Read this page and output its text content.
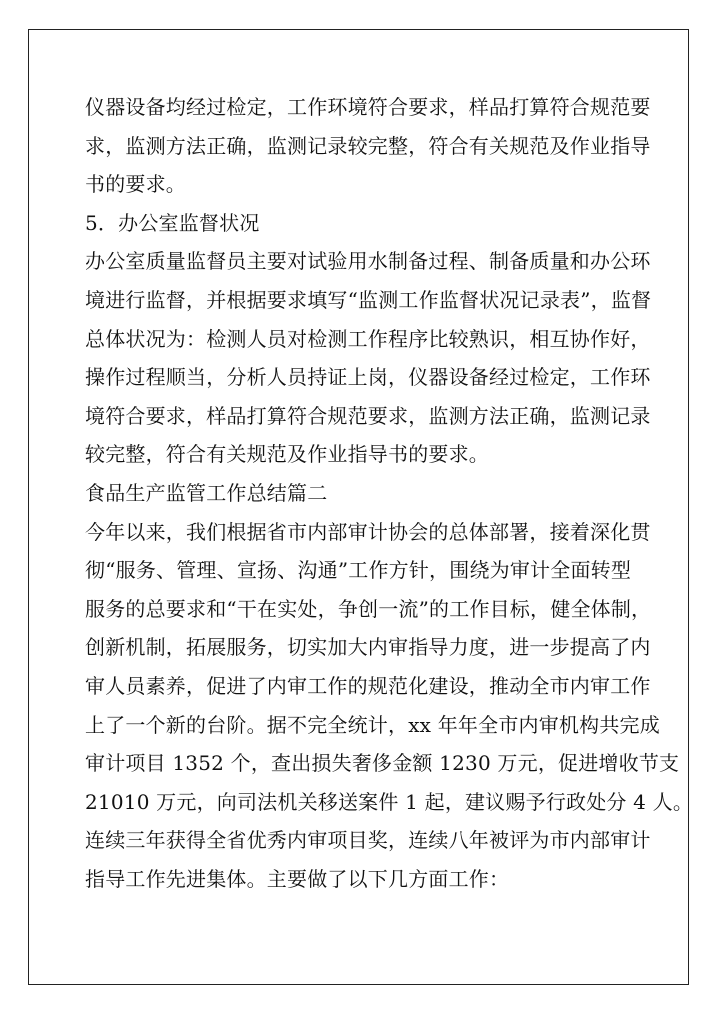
仪器设备均经过检定，工作环境符合要求，样品打算符合规范要
求，监测方法正确，监测记录较完整，符合有关规范及作业指导
书的要求。
5．办公室监督状况
办公室质量监督员主要对试验用水制备过程、制备质量和办公环
境进行监督，并根据要求填写“监测工作监督状况记录表”，监督
总体状况为：检测人员对检测工作程序比较熟识，相互协作好，
操作过程顺当，分析人员持证上岗，仪器设备经过检定，工作环
境符合要求，样品打算符合规范要求，监测方法正确，监测记录
较完整，符合有关规范及作业指导书的要求。
食品生产监管工作总结篇二
今年以来，我们根据省市内部审计协会的总体部署，接着深化贯
彻“服务、管理、宣扬、沟通”工作方针，围绕为审计全面转型
服务的总要求和“干在实处，争创一流”的工作目标，健全体制，
创新机制，拓展服务，切实加大内审指导力度，进一步提高了内
审人员素养，促进了内审工作的规范化建设，推动全市内审工作
上了一个新的台阶。据不完全统计，xx 年年全市内审机构共完成
审计项目 1352 个，查出损失奢侈金额 1230 万元，促进增收节支
21010 万元，向司法机关移送案件 1 起，建议赐予行政处分 4 人。
连续三年获得全省优秀内审项目奖，连续八年被评为市内部审计
指导工作先进集体。主要做了以下几方面工作：
